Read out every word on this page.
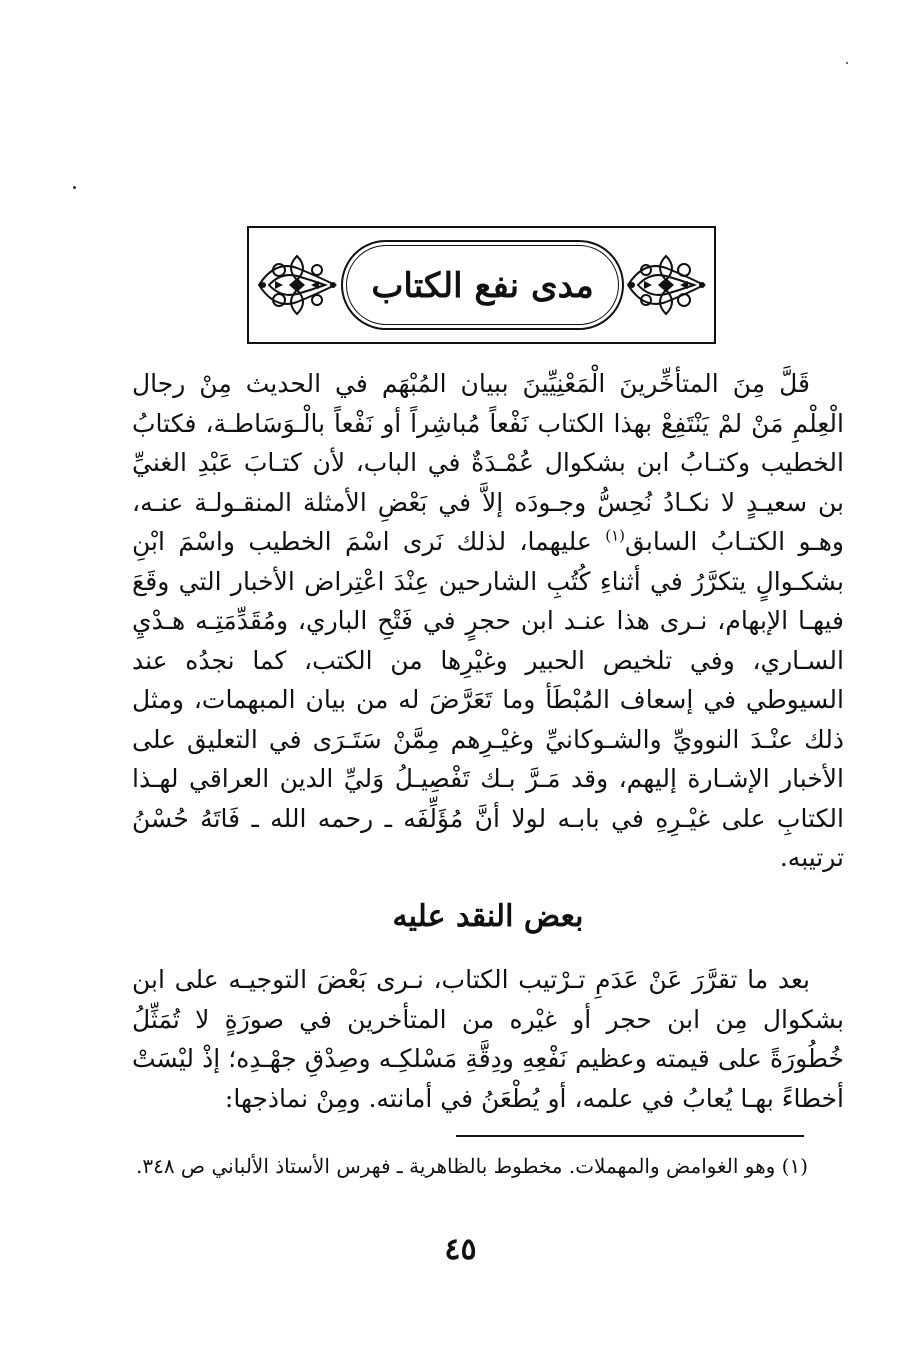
مدى نفع الكتاب

قَلَّ مِنَ المتأخِّرينَ الْمَعْنِيِّينَ ببيان المُبْهَم في الحديث مِنْ رجال الْعِلْمِ مَنْ لمْ يَنْتَفِعْ بهذا الكتاب نَفْعاً مُباشِراً أو نَفْعاً بالْـوَسَاطـة، فكتابُ الخطيب وكتـابُ ابن بشكوال عُمْـدَةٌ في الباب، لأن كتـابَ عَبْدِ الغنيِّ بن سعيـدٍ لا نكـادُ نُحِسُّ وجـودَه إلاَّ في بَعْضِ الأمثلة المنقـولـة عنـه، وهـو الكتـابُ السابق$^{(١)}$ عليهما، لذلك نَرى اسْمَ الخطيب واسْمَ ابْنِ بشكـوالٍ يتكرَّرُ في أثناءِ كُتُبِ الشارحين عِنْدَ اعْتِراض الأخبار التي وقَعَ فيهـا الإبهام، نـرى هذا عنـد ابن حجرٍ في فَتْحِ الباري، ومُقَدِّمَتِـه هـدْيِ السـاري، وفي تلخيص الحبير وغيْرِها من الكتب، كما نجدُه عند السيوطي في إسعاف المُبْطَأ وما تَعَرَّضَ له من بيان المبهمات، ومثل ذلك عنْـدَ النوويِّ والشـوكانيِّ وغيْـرِهم مِمَّنْ سَتَـرَى في التعليق على الأخبار الإشـارة إليهم، وقد مَـرَّ بـك تَفْصِيـلُ وَليِّ الدين العراقي لهـذا الكتابِ على غيْـرِهِ في بابـه لولا أنَّ مُؤَلِّفَه ـ رحمه الله ـ فَاتَهُ حُسْنُ ترتيبه.

بعض النقد عليه

بعد ما تقرَّرَ عَنْ عَدَمِ تـرْتيب الكتاب، نـرى بَعْضَ التوجيـه على ابن بشكوال مِن ابن حجر أو غيْره من المتأخرين في صورَةٍ لا تُمَثِّلُ خُطُورَةً على قيمته وعظيم نَفْعِهِ ودِقَّةِ مَسْلكِـه وصِدْقِ جهْـدِه؛ إذْ ليْسَتْ أخطاءً بهـا يُعابُ في علمه، أو يُطْعَنُ في أمانته. ومِنْ نماذجها:

(١) وهو الغوامض والمهملات. مخطوط بالظاهرية ـ فهرس الأستاذ الألباني ص ٣٤٨.
٤٥
